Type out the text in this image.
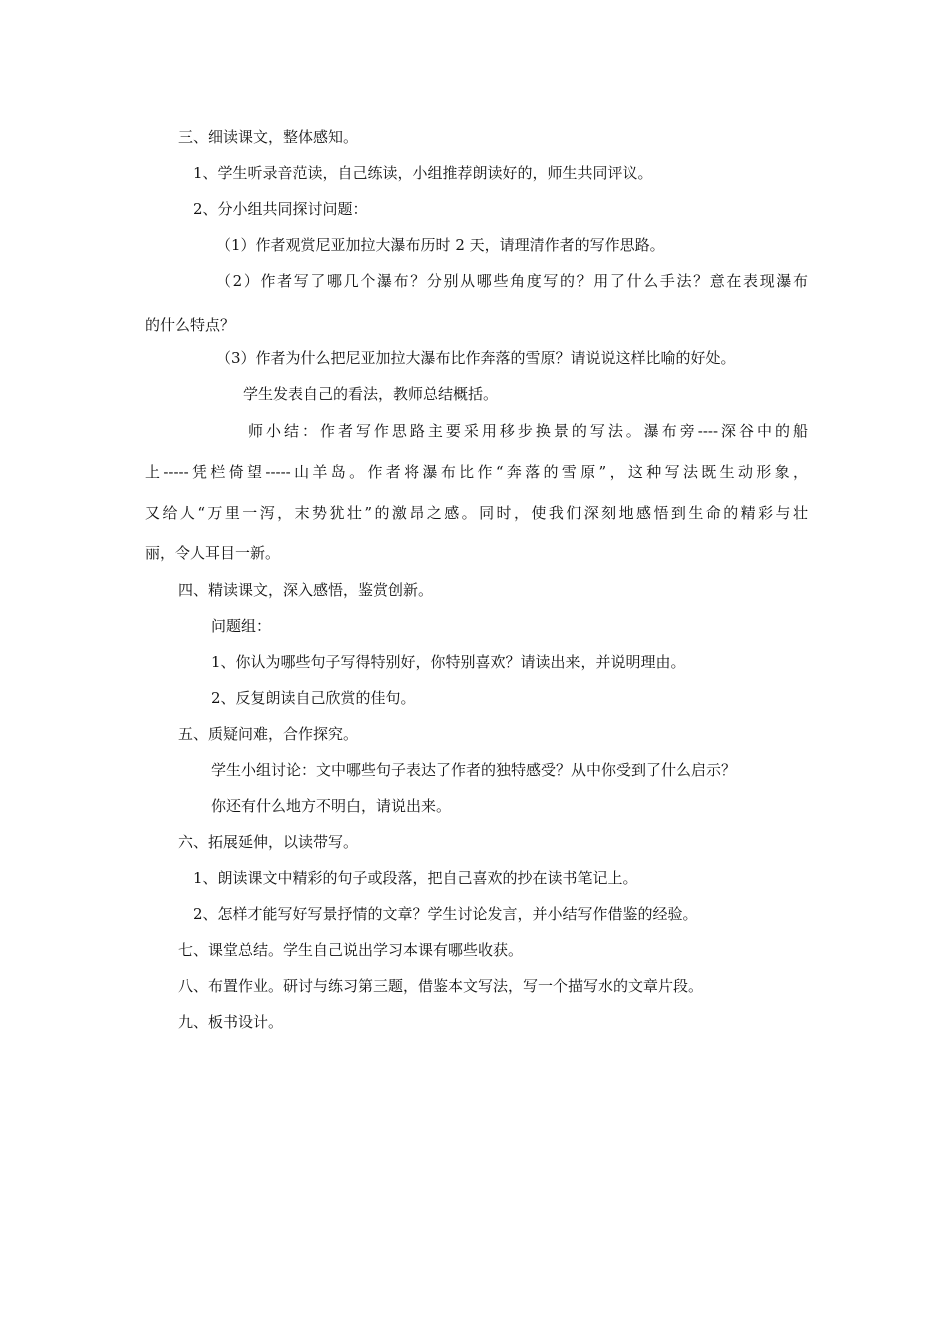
三、细读课文，整体感知。

1、学生听录音范读，自己练读，小组推荐朗读好的，师生共同评议。

2、分小组共同探讨问题：

（1）作者观赏尼亚加拉大瀑布历时 2 天，请理清作者的写作思路。

（2）作者写了哪几个瀑布？分别从哪些角度写的？用了什么手法？意在表现瀑布

的什么特点？

（3）作者为什么把尼亚加拉大瀑布比作奔落的雪原？请说说这样比喻的好处。

学生发表自己的看法，教师总结概括。

师小结：作者写作思路主要采用移步换景的写法。瀑布旁----深谷中的船

上-----凭栏倚望-----山羊岛。作者将瀑布比作“奔落的雪原”，这种写法既生动形象，

又给人“万里一泻，末势犹壮”的激昂之感。同时，使我们深刻地感悟到生命的精彩与壮

丽，令人耳目一新。

四、精读课文，深入感悟，鉴赏创新。

问题组：

1、你认为哪些句子写得特别好，你特别喜欢？请读出来，并说明理由。

2、反复朗读自己欣赏的佳句。

五、质疑问难，合作探究。

学生小组讨论：文中哪些句子表达了作者的独特感受？从中你受到了什么启示？

你还有什么地方不明白，请说出来。

六、拓展延伸，以读带写。

1、朗读课文中精彩的句子或段落，把自己喜欢的抄在读书笔记上。

2、怎样才能写好写景抒情的文章？学生讨论发言，并小结写作借鉴的经验。

七、课堂总结。学生自己说出学习本课有哪些收获。

八、布置作业。研讨与练习第三题，借鉴本文写法，写一个描写水的文章片段。

九、板书设计。
